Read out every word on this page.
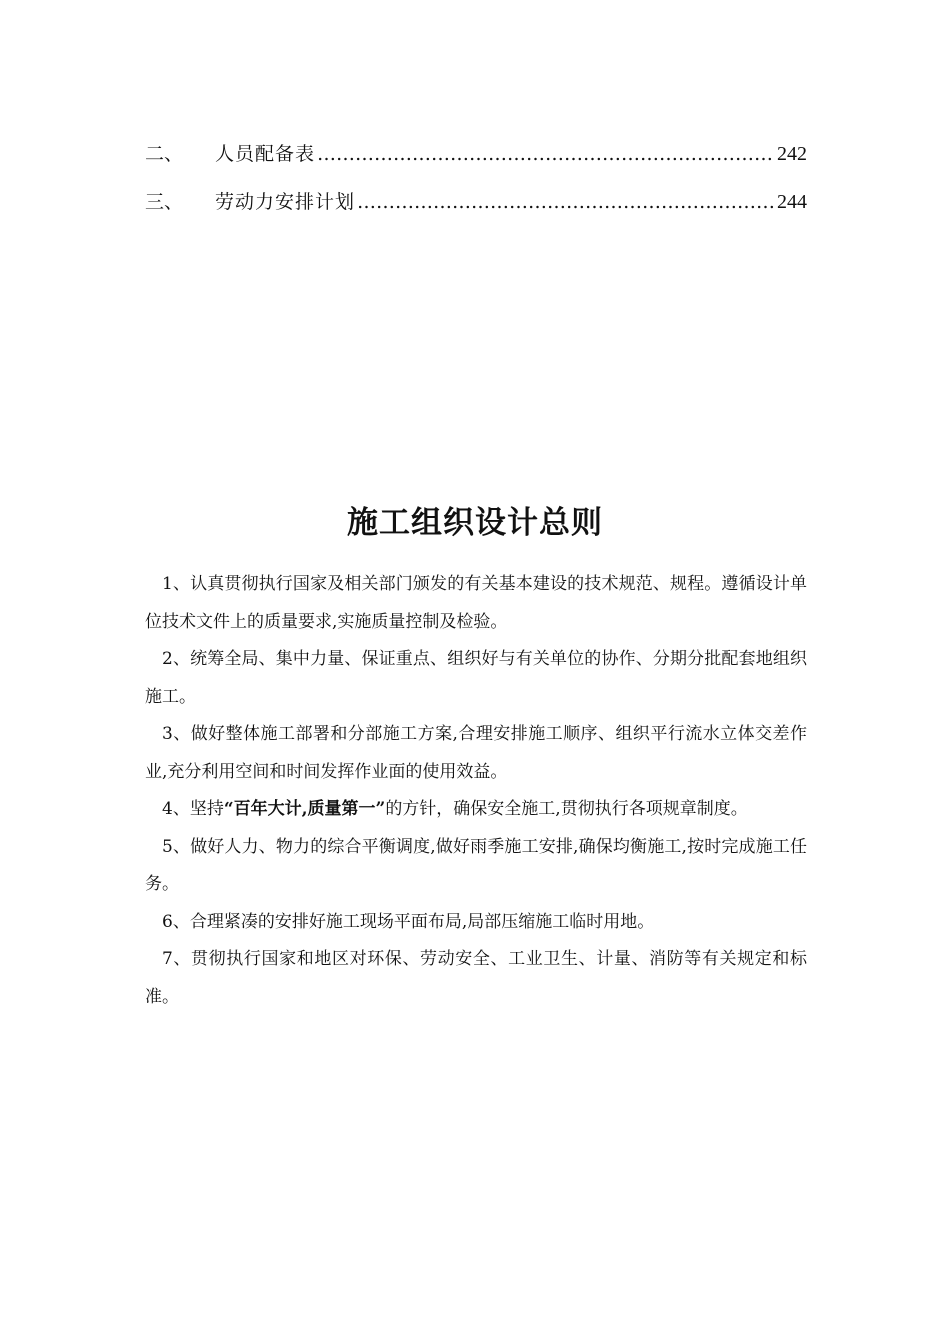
二、	人员配备表 …………………………………………………………………………………………………………………………	242
三、	劳动力安排计划 …………………………………………………………………………………………………………………………	244
施工组织设计总则

1、认真贯彻执行国家及相关部门颁发的有关基本建设的技术规范、规程。遵循设计单位技术文件上的质量要求,实施质量控制及检验。

2、统筹全局、集中力量、保证重点、组织好与有关单位的协作、分期分批配套地组织施工。

3、做好整体施工部署和分部施工方案,合理安排施工顺序、组织平行流水立体交差作业,充分利用空间和时间发挥作业面的使用效益。

4、坚持“百年大计,质量第一”的方针，确保安全施工,贯彻执行各项规章制度。

5、做好人力、物力的综合平衡调度,做好雨季施工安排,确保均衡施工,按时完成施工任务。

6、合理紧凑的安排好施工现场平面布局,局部压缩施工临时用地。

7、贯彻执行国家和地区对环保、劳动安全、工业卫生、计量、消防等有关规定和标准。
